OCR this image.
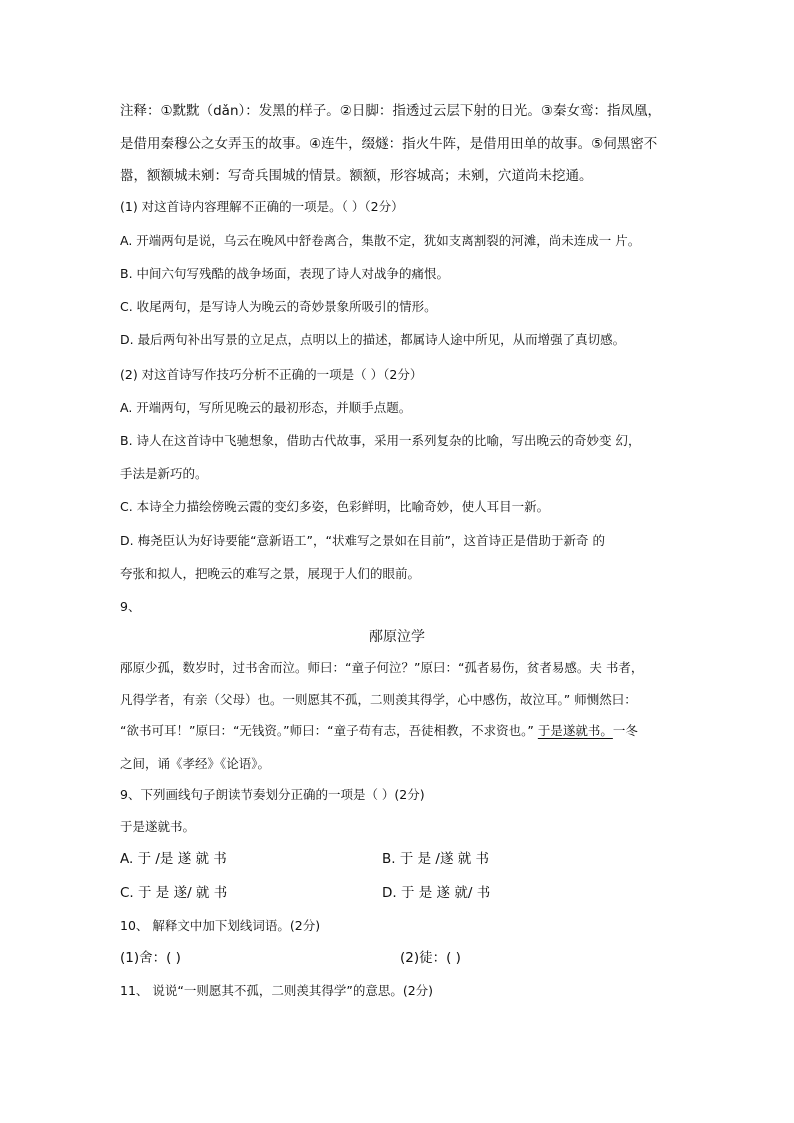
注释：①黕黕（dǎn）：发黑的样子。②日脚：指透过云层下射的日光。③秦女鸾：指凤凰，
是借用秦穆公之女弄玉的故事。④连牛，缀燧：指火牛阵，是借用田单的故事。⑤伺黑密不
嚣，额额城未剜：写奇兵围城的情景。额额，形容城高；未剜，穴道尚未挖通。
(1) 对这首诗内容理解不正确的一项是。（ ）（2分）
A. 开端两句是说，乌云在晚风中舒卷离合，集散不定，犹如支离割裂的河滩，尚未连成一 片。
B. 中间六句写残酷的战争场面，表现了诗人对战争的痛恨。
C. 收尾两句，是写诗人为晚云的奇妙景象所吸引的情形。
D. 最后两句补出写景的立足点，点明以上的描述，都属诗人途中所见，从而增强了真切感。
(2) 对这首诗写作技巧分析不正确的一项是（ ）（2分）
A. 开端两句，写所见晚云的最初形态，并顺手点题。
B. 诗人在这首诗中飞驰想象，借助古代故事，采用一系列复杂的比喻，写出晚云的奇妙变 幻，
手法是新巧的。
C. 本诗全力描绘傍晚云霞的变幻多姿，色彩鲜明，比喻奇妙，使人耳目一新。
D. 梅尧臣认为好诗要能“意新语工”，“状难写之景如在目前”，这首诗正是借助于新奇 的
夸张和拟人，把晚云的难写之景，展现于人们的眼前。
9、
邴原泣学
邴原少孤，数岁时，过书舍而泣。师曰：“童子何泣？”原曰：“孤者易伤，贫者易感。夫 书者，
凡得学者，有亲（父母）也。一则愿其不孤，二则羡其得学，心中感伤，故泣耳。” 师恻然曰：
“欲书可耳！”原曰：“无钱资。”师曰：“童子苟有志，吾徒相教，不求资也。” 于是遂就书。一冬
之间，诵《孝经》《论语》。
9、下列画线句子朗读节奏划分正确的一项是（ ）(2分)
于是遂就书。
A. 于 /是 遂 就 书	B. 于 是 /遂 就 书
C. 于 是 遂/ 就 书	D. 于 是 遂 就/ 书
10、 解释文中加下划线词语。(2分)
(1)舍：( )	(2)徒：( )
11、 说说“一则愿其不孤，二则羡其得学”的意思。(2分)
